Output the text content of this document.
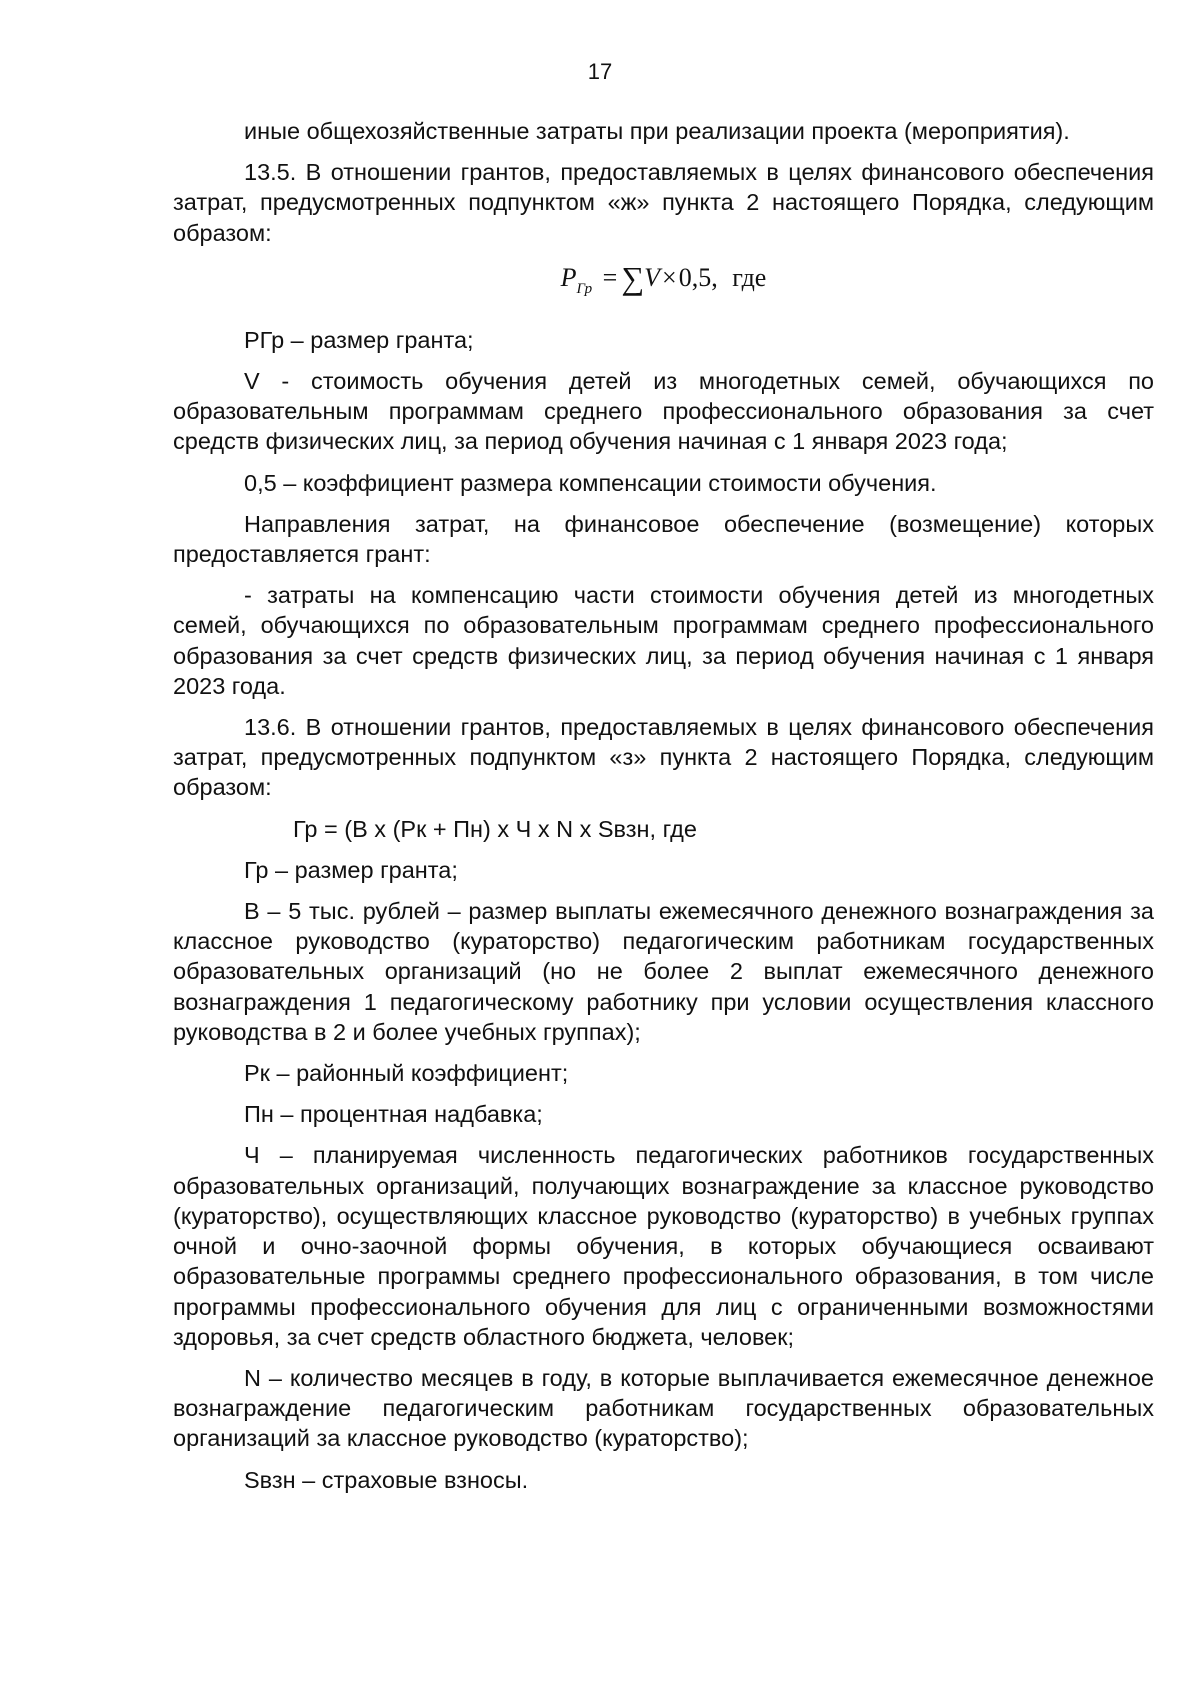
17

иные общехозяйственные затраты при реализации проекта (мероприятия).

13.5. В отношении грантов, предоставляемых в целях финансового обеспечения затрат, предусмотренных подпунктом «ж» пункта 2 настоящего Порядка, следующим образом:

$P_{Гр} = \sum V\times 0,5$, где

РГр – размер гранта;

V - стоимость обучения детей из многодетных семей, обучающихся по образовательным программам среднего профессионального образования за счет средств физических лиц, за период обучения начиная с 1 января 2023 года;

0,5 – коэффициент размера компенсации стоимости обучения.

Направления затрат, на финансовое обеспечение (возмещение) которых предоставляется грант:

- затраты на компенсацию части стоимости обучения детей из многодетных семей, обучающихся по образовательным программам среднего профессионального образования за счет средств физических лиц, за период обучения начиная с 1 января 2023 года.

13.6. В отношении грантов, предоставляемых в целях финансового обеспечения затрат, предусмотренных подпунктом «з» пункта 2 настоящего Порядка, следующим образом:

Гр = (В х (Рк + Пн) х Ч х N х Sвзн, где

Гр – размер гранта;

В – 5 тыс. рублей – размер выплаты ежемесячного денежного вознаграждения за классное руководство (кураторство) педагогическим работникам государственных образовательных организаций (но не более 2 выплат ежемесячного денежного вознаграждения 1 педагогическому работнику при условии осуществления классного руководства в 2 и более учебных группах);

Рк – районный коэффициент;

Пн – процентная надбавка;

Ч – планируемая численность педагогических работников государственных образовательных организаций, получающих вознаграждение за классное руководство (кураторство), осуществляющих классное руководство (кураторство) в учебных группах очной и очно-заочной формы обучения, в которых обучающиеся осваивают образовательные программы среднего профессионального образования, в том числе программы профессионального обучения для лиц с ограниченными возможностями здоровья, за счет средств областного бюджета, человек;

N – количество месяцев в году, в которые выплачивается ежемесячное денежное вознаграждение педагогическим работникам государственных образовательных организаций за классное руководство (кураторство);

Sвзн – страховые взносы.
